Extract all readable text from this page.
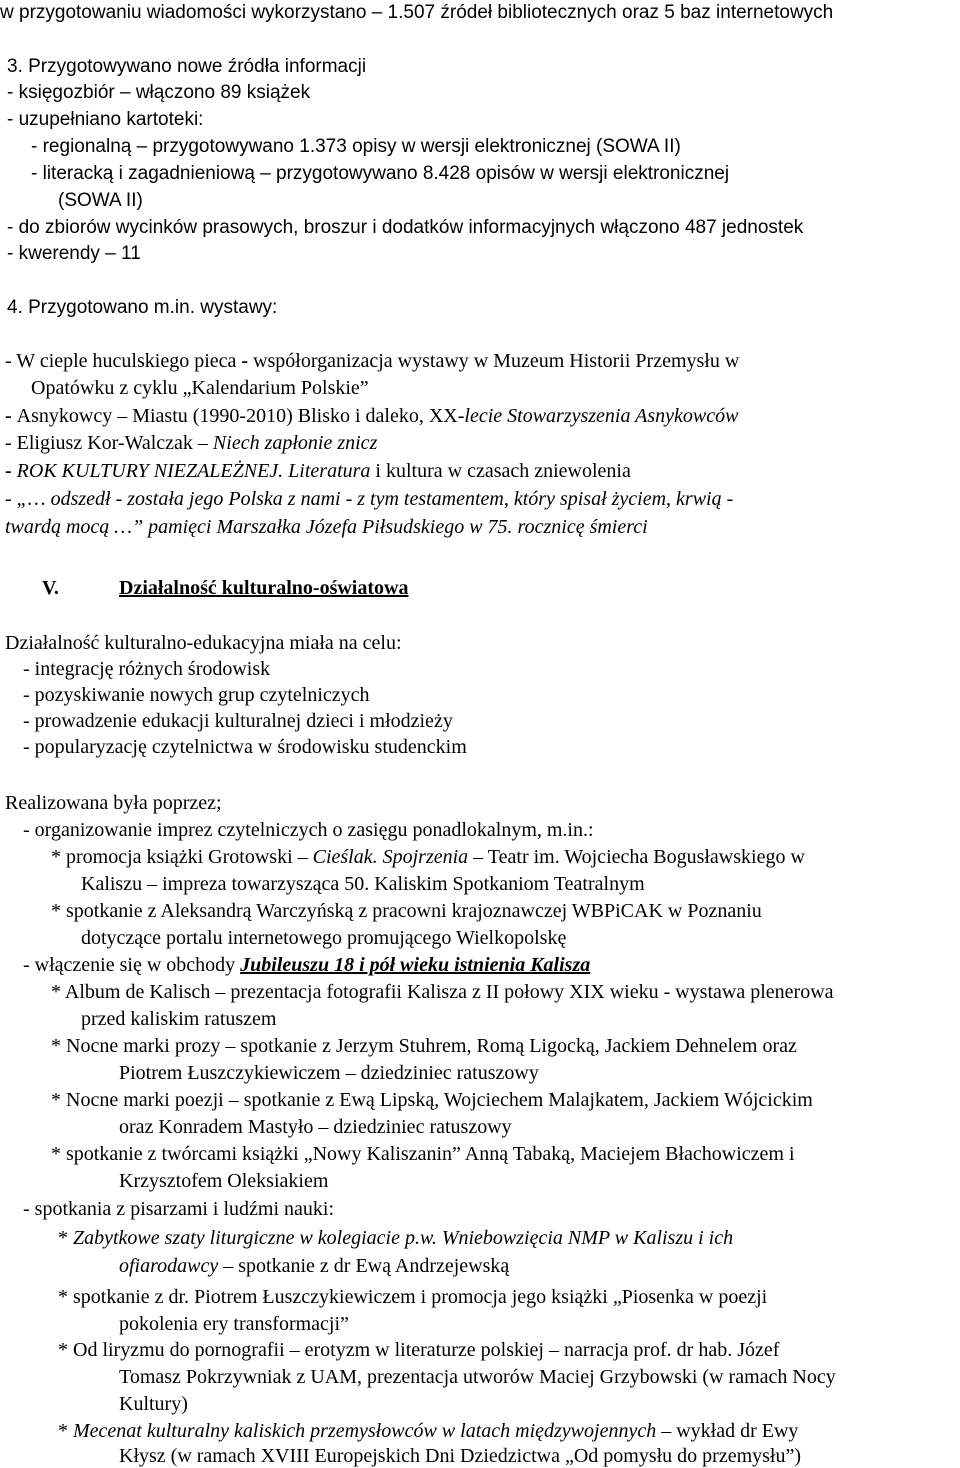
w przygotowaniu wiadomości wykorzystano – 1.507 źródeł bibliotecznych oraz 5 baz internetowych
3. Przygotowywano nowe źródła informacji
- księgozbiór – włączono 89 książek
- uzupełniano kartoteki:
- regionalną – przygotowywano 1.373 opisy w wersji elektronicznej (SOWA II)
- literacką i zagadnieniową – przygotowywano 8.428 opisów w wersji elektronicznej
(SOWA II)
- do zbiorów wycinków prasowych, broszur i dodatków informacyjnych włączono 487 jednostek
- kwerendy – 11
4. Przygotowano m.in. wystawy:
- W cieple huculskiego pieca - współorganizacja wystawy w Muzeum Historii Przemysłu w
Opatówku z cyklu „Kalendarium Polskie”
- Asnykowcy – Miastu (1990-2010) Blisko i daleko, XX-lecie Stowarzyszenia Asnykowców
- Eligiusz Kor-Walczak – Niech zapłonie znicz
- ROK KULTURY NIEZALEŻNEJ. Literatura i kultura w czasach zniewolenia
- „… odszedł - została jego Polska z nami - z tym testamentem, który spisał życiem, krwią -
twardą mocą …” pamięci Marszałka Józefa Piłsudskiego w 75. rocznicę śmierci
V.	Działalność kulturalno-oświatowa
Działalność kulturalno-edukacyjna miała na celu:
- integrację różnych środowisk
- pozyskiwanie nowych grup czytelniczych
- prowadzenie edukacji kulturalnej dzieci i młodzieży
- popularyzację czytelnictwa w środowisku studenckim
Realizowana była poprzez;
- organizowanie imprez czytelniczych o zasięgu ponadlokalnym, m.in.:
* promocja książki Grotowski – Cieślak. Spojrzenia – Teatr im. Wojciecha Bogusławskiego w
Kaliszu – impreza towarzysząca 50. Kaliskim Spotkaniom Teatralnym
* spotkanie z Aleksandrą Warczyńską z pracowni krajoznawczej WBPiCAK w Poznaniu
dotyczące portalu internetowego promującego Wielkopolskę
- włączenie się w obchody Jubileuszu 18 i pół wieku istnienia Kalisza
* Album de Kalisch – prezentacja fotografii Kalisza z II połowy XIX wieku - wystawa plenerowa
przed kaliskim ratuszem
* Nocne marki prozy – spotkanie z Jerzym Stuhrem, Romą Ligocką, Jackiem Dehnelem oraz
Piotrem Łuszczykiewiczem – dziedziniec ratuszowy
* Nocne marki poezji – spotkanie z Ewą Lipską, Wojciechem Malajkatem, Jackiem Wójcickim
oraz Konradem Mastyło – dziedziniec ratuszowy
* spotkanie z twórcami książki „Nowy Kaliszanin” Anną Tabaką, Maciejem Błachowiczem i
Krzysztofem Oleksiakiem
- spotkania z pisarzami i ludźmi nauki:
* Zabytkowe szaty liturgiczne w kolegiacie p.w. Wniebowzięcia NMP w Kaliszu i ich
ofiarodawcy – spotkanie z dr Ewą Andrzejewską
* spotkanie z dr. Piotrem Łuszczykiewiczem i promocja jego książki „Piosenka w poezji
pokolenia ery transformacji”
* Od liryzmu do pornografii – erotyzm w literaturze polskiej – narracja prof. dr hab. Józef
Tomasz Pokrzywniak z UAM, prezentacja utworów Maciej Grzybowski (w ramach Nocy
Kultury)
* Mecenat kulturalny kaliskich przemysłowców w latach międzywojennych – wykład dr Ewy
Kłysz (w ramach XVIII Europejskich Dni Dziedzictwa „Od pomysłu do przemysłu”)
